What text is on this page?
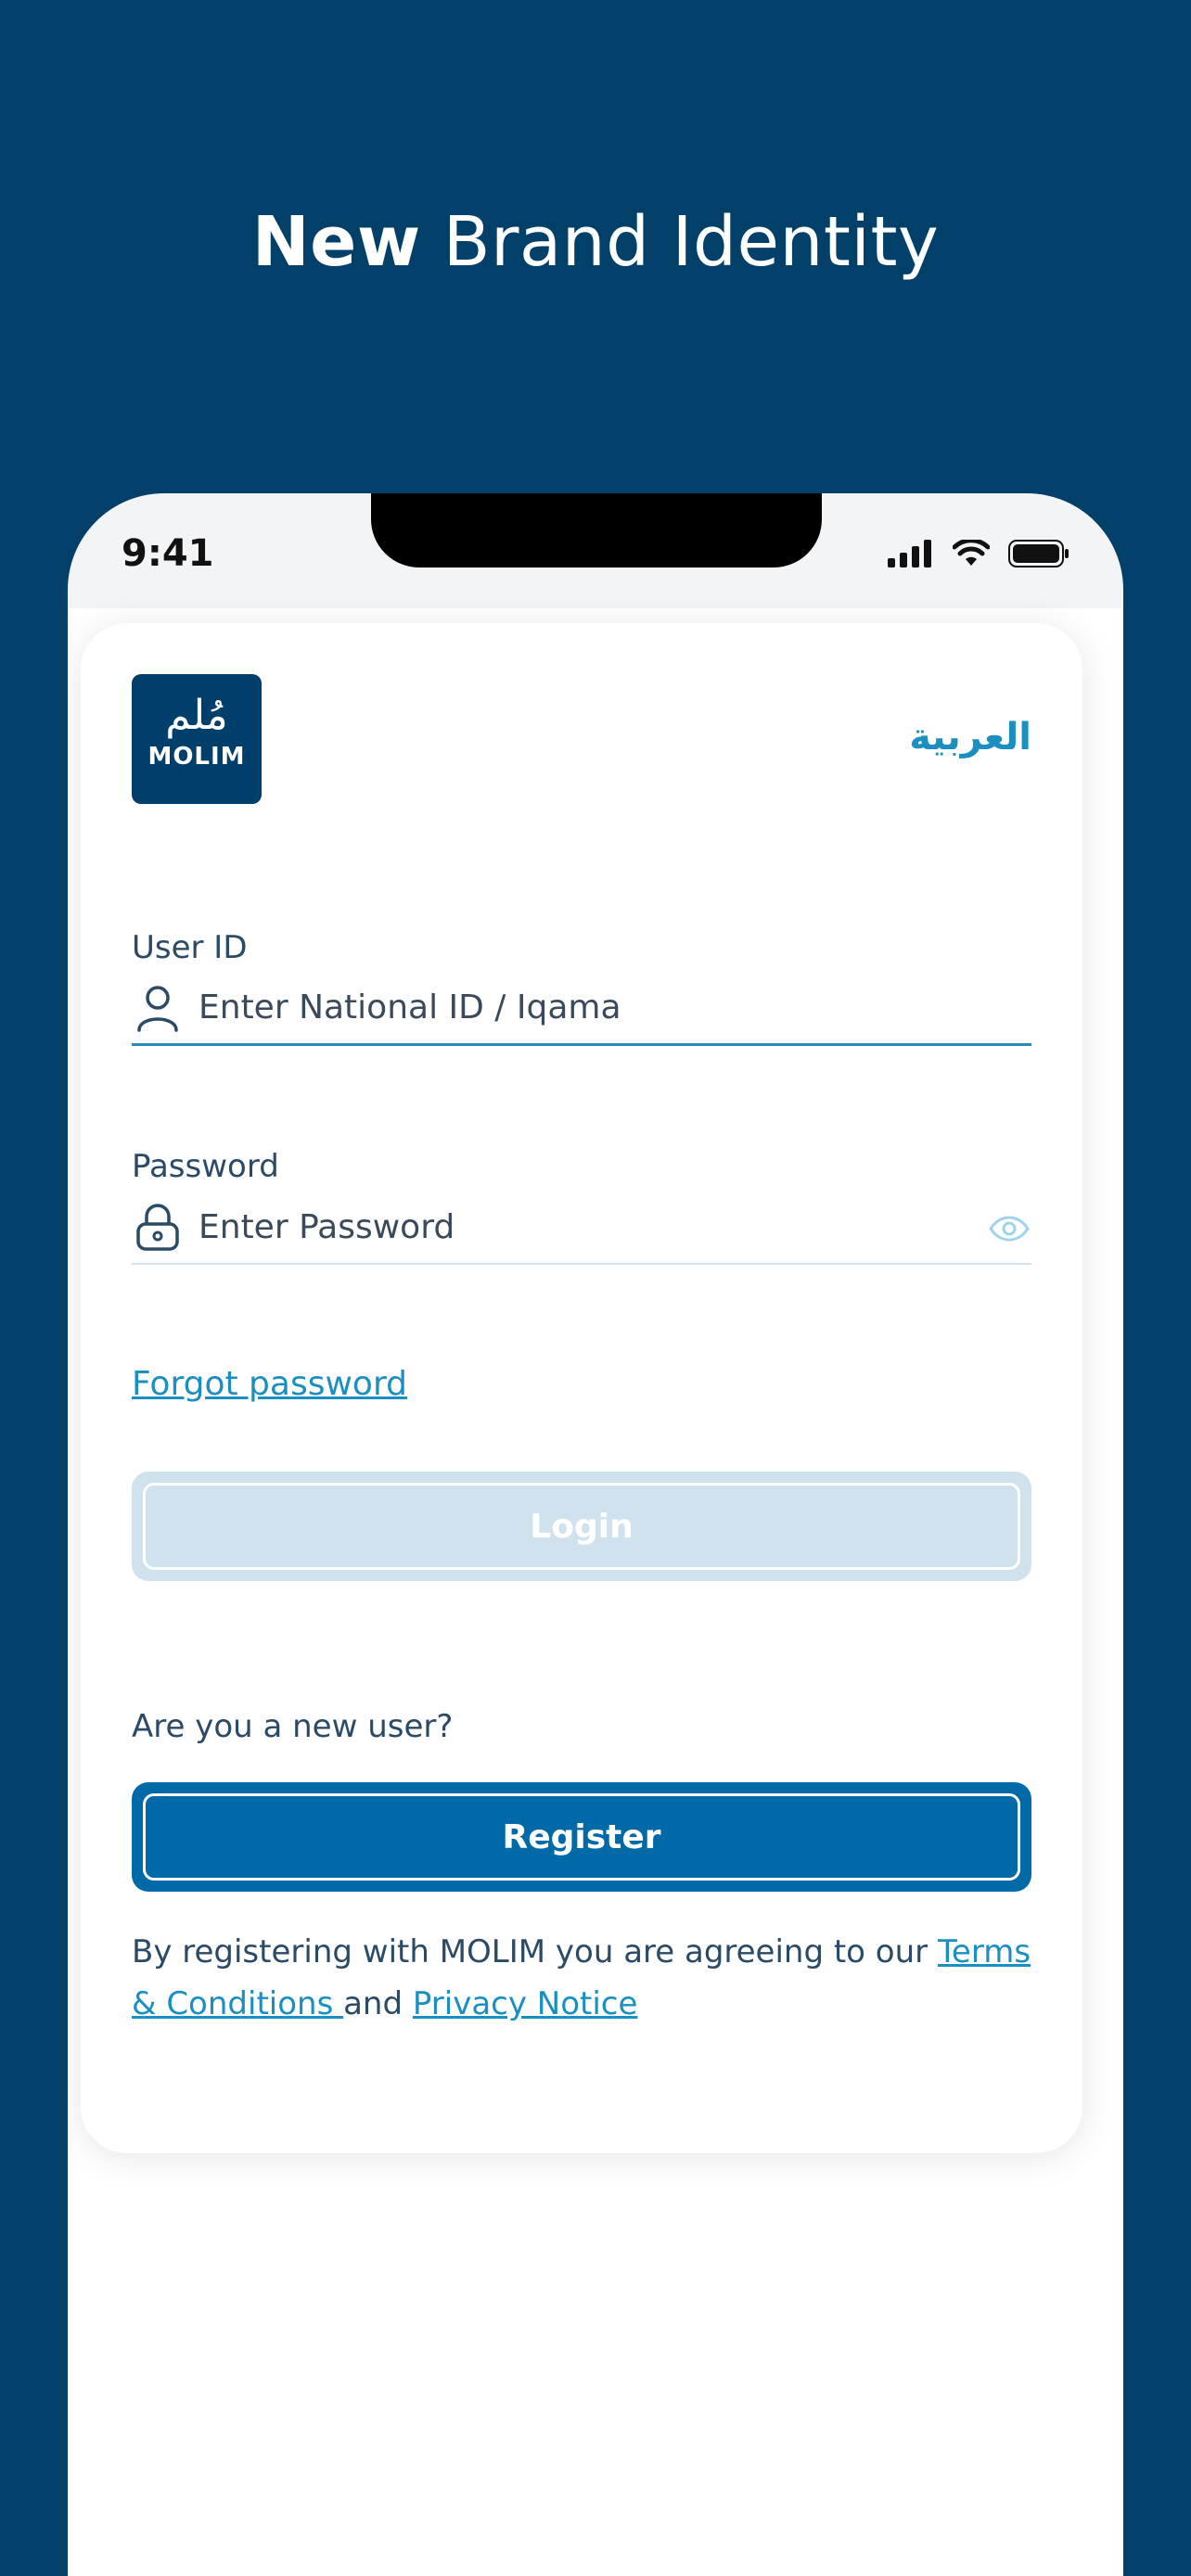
New Brand Identity
9:41
مُلم
MOLIM	العربية
User ID
Enter National ID / Iqama
Password
Forgot password
Login
Are you a new user?
Register
By registering with MOLIM you are agreeing to our Terms & Conditions and Privacy Notice
